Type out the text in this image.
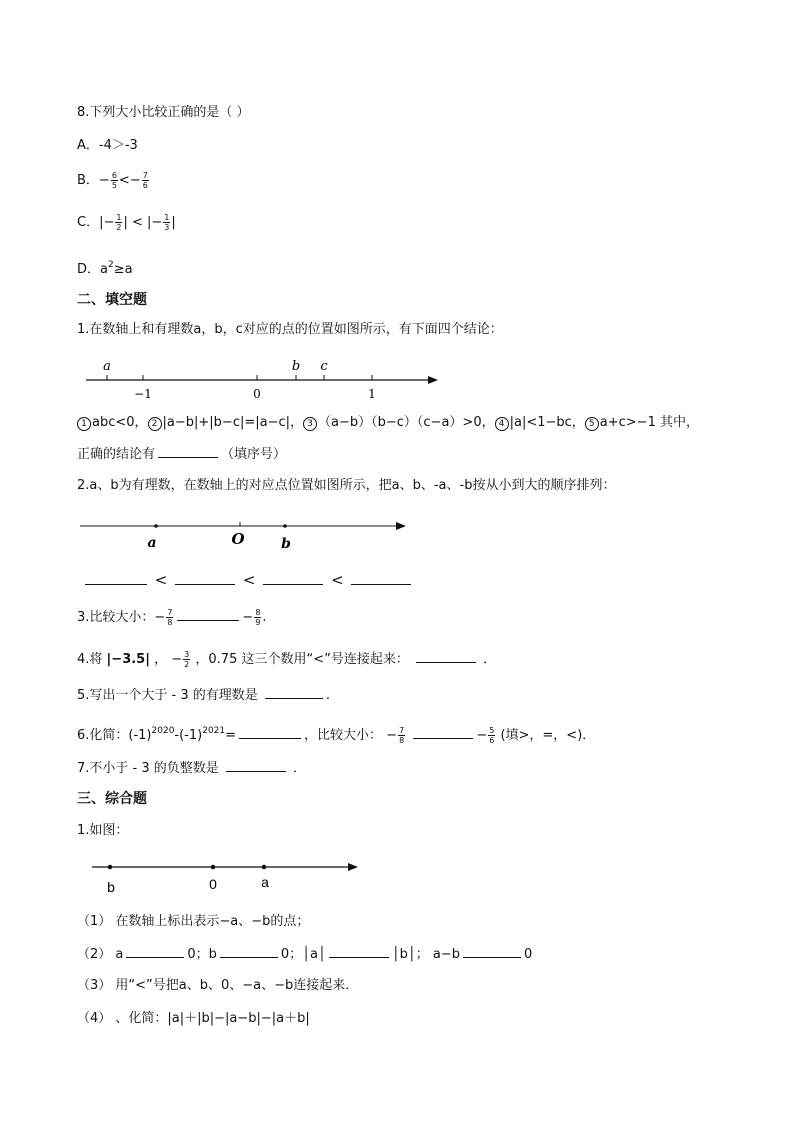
8.下列大小比较正确的是（ ）
A．-4＞-3
B．− $\frac{6}{5} <- \frac{7}{6}$
C．|− $\frac{1}{2}$ | < |− $\frac{1}{3}$ |
D．$a^2\ge a$
二、填空题
1.在数轴上和有理数a，b，c对应的点的位置如图所示，有下面四个结论：
a	b c
−1	0	1
1 abc<0， 2 |a−b|+|b−c|=|a−c|， 3 （a−b）（b−c）（c−a）>0， 4 |a|<1−bc， 5 a+c>−1 其中，
正确的结论有	（填序号）
2.a、b为有理数，在数轴上的对应点位置如图所示，把a、b、-a、-b按从小到大的顺序排列：
a	O	b
<	<	<
3.比较大小：− $\frac{7}{8}$	− $\frac{8}{9}$ .
4.将 |−3.5| ， − $\frac{3}{2}$ ，0.75 这三个数用“<”号连接起来：	．
5.写出一个大于 - 3 的有理数是	.
6.化简：$(-1)^{2020}-(-1)^{2021}=$	，比较大小： − $\frac{7}{8}$	− $\frac{5}{6}$ (填>，=，<)．
7.不小于 - 3 的负整数是	．
三、综合题
1.如图：
b	0	a
（1） 在数轴上标出表示−a、−b的点；
（2） a	0；b	0；│a│	│b│； a−b	0
（3） 用“<”号把a、b、0、−a、−b连接起来．
（4） 、化简：|a|＋|b|−|a−b|−|a＋b|
